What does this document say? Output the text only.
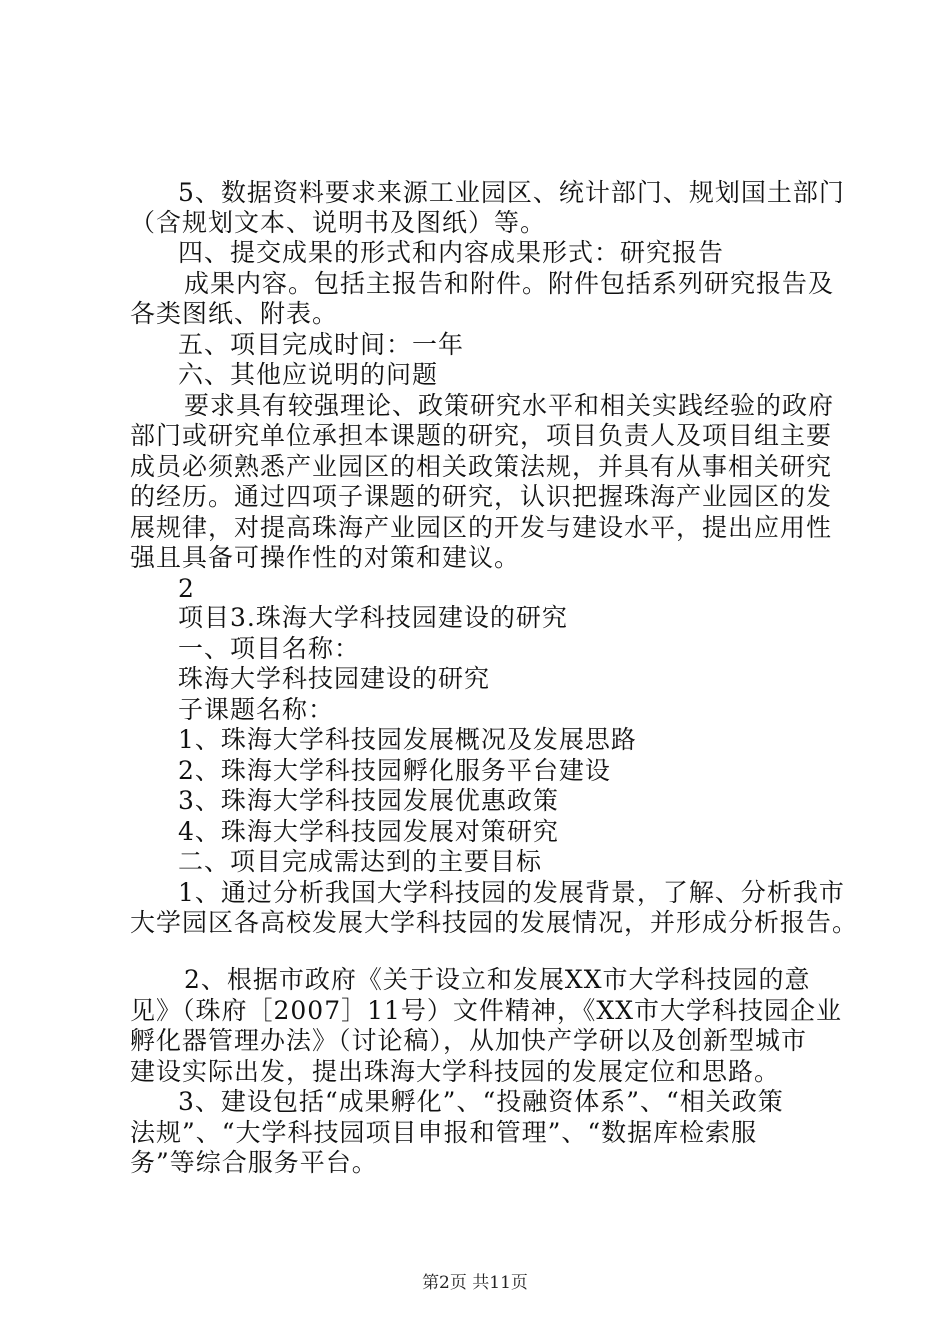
5、数据资料要求来源工业园区、统计部门、规划国土部门
（含规划文本、说明书及图纸）等。
四、提交成果的形式和内容成果形式：研究报告
成果内容。包括主报告和附件。附件包括系列研究报告及
各类图纸、附表。
五、项目完成时间：一年
六、其他应说明的问题
要求具有较强理论、政策研究水平和相关实践经验的政府
部门或研究单位承担本课题的研究，项目负责人及项目组主要
成员必须熟悉产业园区的相关政策法规，并具有从事相关研究
的经历。通过四项子课题的研究，认识把握珠海产业园区的发
展规律，对提高珠海产业园区的开发与建设水平，提出应用性
强且具备可操作性的对策和建议。
2
项目3.珠海大学科技园建设的研究
一、项目名称：
珠海大学科技园建设的研究
子课题名称：
1、珠海大学科技园发展概况及发展思路
2、珠海大学科技园孵化服务平台建设
3、珠海大学科技园发展优惠政策
4、珠海大学科技园发展对策研究
二、项目完成需达到的主要目标
1、通过分析我国大学科技园的发展背景，了解、分析我市
大学园区各高校发展大学科技园的发展情况，并形成分析报告。
2、根据市政府《关于设立和发展XX市大学科技园的意
见》（珠府［2007］11号）文件精神，《XX市大学科技园企业
孵化器管理办法》（讨论稿），从加快产学研以及创新型城市
建设实际出发，提出珠海大学科技园的发展定位和思路。
3、建设包括“成果孵化”、“投融资体系”、“相关政策
法规”、“大学科技园项目申报和管理”、“数据库检索服
务”等综合服务平台。
第2页 共11页
